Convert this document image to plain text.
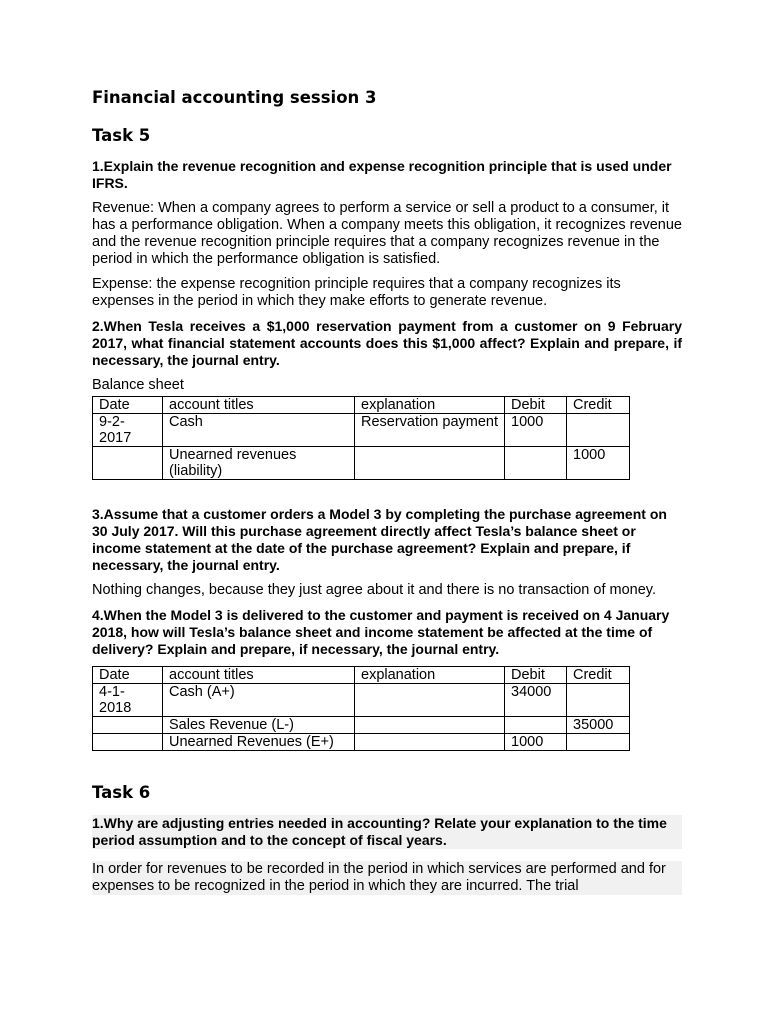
Financial accounting session 3
Task 5
1.Explain the revenue recognition and expense recognition principle that is used under IFRS.
Revenue: When a company agrees to perform a service or sell a product to a consumer, it has a performance obligation. When a company meets this obligation, it recognizes revenue and the revenue recognition principle requires that a company recognizes revenue in the period in which the performance obligation is satisfied.
Expense: the expense recognition principle requires that a company recognizes its expenses in the period in which they make efforts to generate revenue.
2.When Tesla receives a $1,000 reservation payment from a customer on 9 February 2017, what financial statement accounts does this $1,000 affect? Explain and prepare, if necessary, the journal entry.
Balance sheet
Date	account titles	explanation	Debit	Credit
9-2-2017	Cash	Reservation payment	1000	
	Unearned revenues (liability)			1000
3.Assume that a customer orders a Model 3 by completing the purchase agreement on 30 July 2017. Will this purchase agreement directly affect Tesla’s balance sheet or income statement at the date of the purchase agreement? Explain and prepare, if necessary, the journal entry.
Nothing changes, because they just agree about it and there is no transaction of money.
4.When the Model 3 is delivered to the customer and payment is received on 4 January 2018, how will Tesla’s balance sheet and income statement be affected at the time of delivery? Explain and prepare, if necessary, the journal entry.
Date	account titles	explanation	Debit	Credit
4-1-2018	Cash (A+)		34000	
	Sales Revenue (L-)			35000
	Unearned Revenues (E+)		1000	
Task 6
1.Why are adjusting entries needed in accounting? Relate your explanation to the time period assumption and to the concept of fiscal years.
In order for revenues to be recorded in the period in which services are performed and for expenses to be recognized in the period in which they are incurred. The trial
